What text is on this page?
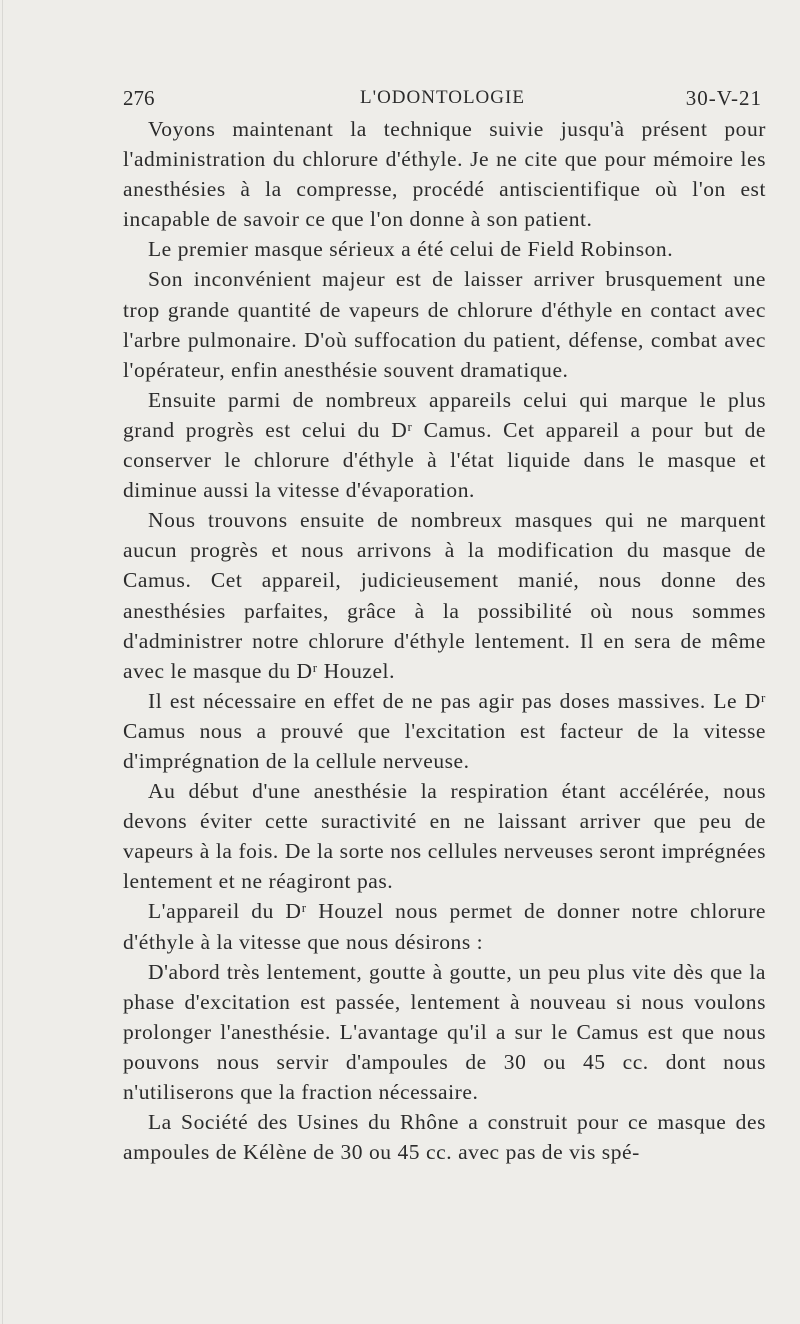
276	L'ODONTOLOGIE	30-V-21

Voyons maintenant la technique suivie jusqu'à présent pour l'administration du chlorure d'éthyle. Je ne cite que pour mémoire les anesthésies à la compresse, procédé antiscientifique où l'on est incapable de savoir ce que l'on donne à son patient.

Le premier masque sérieux a été celui de Field Robinson.

Son inconvénient majeur est de laisser arriver brusquement une trop grande quantité de vapeurs de chlorure d'éthyle en contact avec l'arbre pulmonaire. D'où suffocation du patient, défense, combat avec l'opérateur, enfin anesthésie souvent dramatique.

Ensuite parmi de nombreux appareils celui qui marque le plus grand progrès est celui du Dʳ Camus. Cet appareil a pour but de conserver le chlorure d'éthyle à l'état liquide dans le masque et diminue aussi la vitesse d'évaporation.

Nous trouvons ensuite de nombreux masques qui ne marquent aucun progrès et nous arrivons à la modification du masque de Camus. Cet appareil, judicieusement manié, nous donne des anesthésies parfaites, grâce à la possibilité où nous sommes d'administrer notre chlorure d'éthyle lentement. Il en sera de même avec le masque du Dʳ Houzel.

Il est nécessaire en effet de ne pas agir pas doses massives. Le Dʳ Camus nous a prouvé que l'excitation est facteur de la vitesse d'imprégnation de la cellule nerveuse.

Au début d'une anesthésie la respiration étant accélérée, nous devons éviter cette suractivité en ne laissant arriver que peu de vapeurs à la fois. De la sorte nos cellules nerveuses seront imprégnées lentement et ne réagiront pas.

L'appareil du Dʳ Houzel nous permet de donner notre chlorure d'éthyle à la vitesse que nous désirons :

D'abord très lentement, goutte à goutte, un peu plus vite dès que la phase d'excitation est passée, lentement à nouveau si nous voulons prolonger l'anesthésie. L'avantage qu'il a sur le Camus est que nous pouvons nous servir d'ampoules de 30 ou 45 cc. dont nous n'utiliserons que la fraction nécessaire.

La Société des Usines du Rhône a construit pour ce masque des ampoules de Kélène de 30 ou 45 cc. avec pas de vis spé-
